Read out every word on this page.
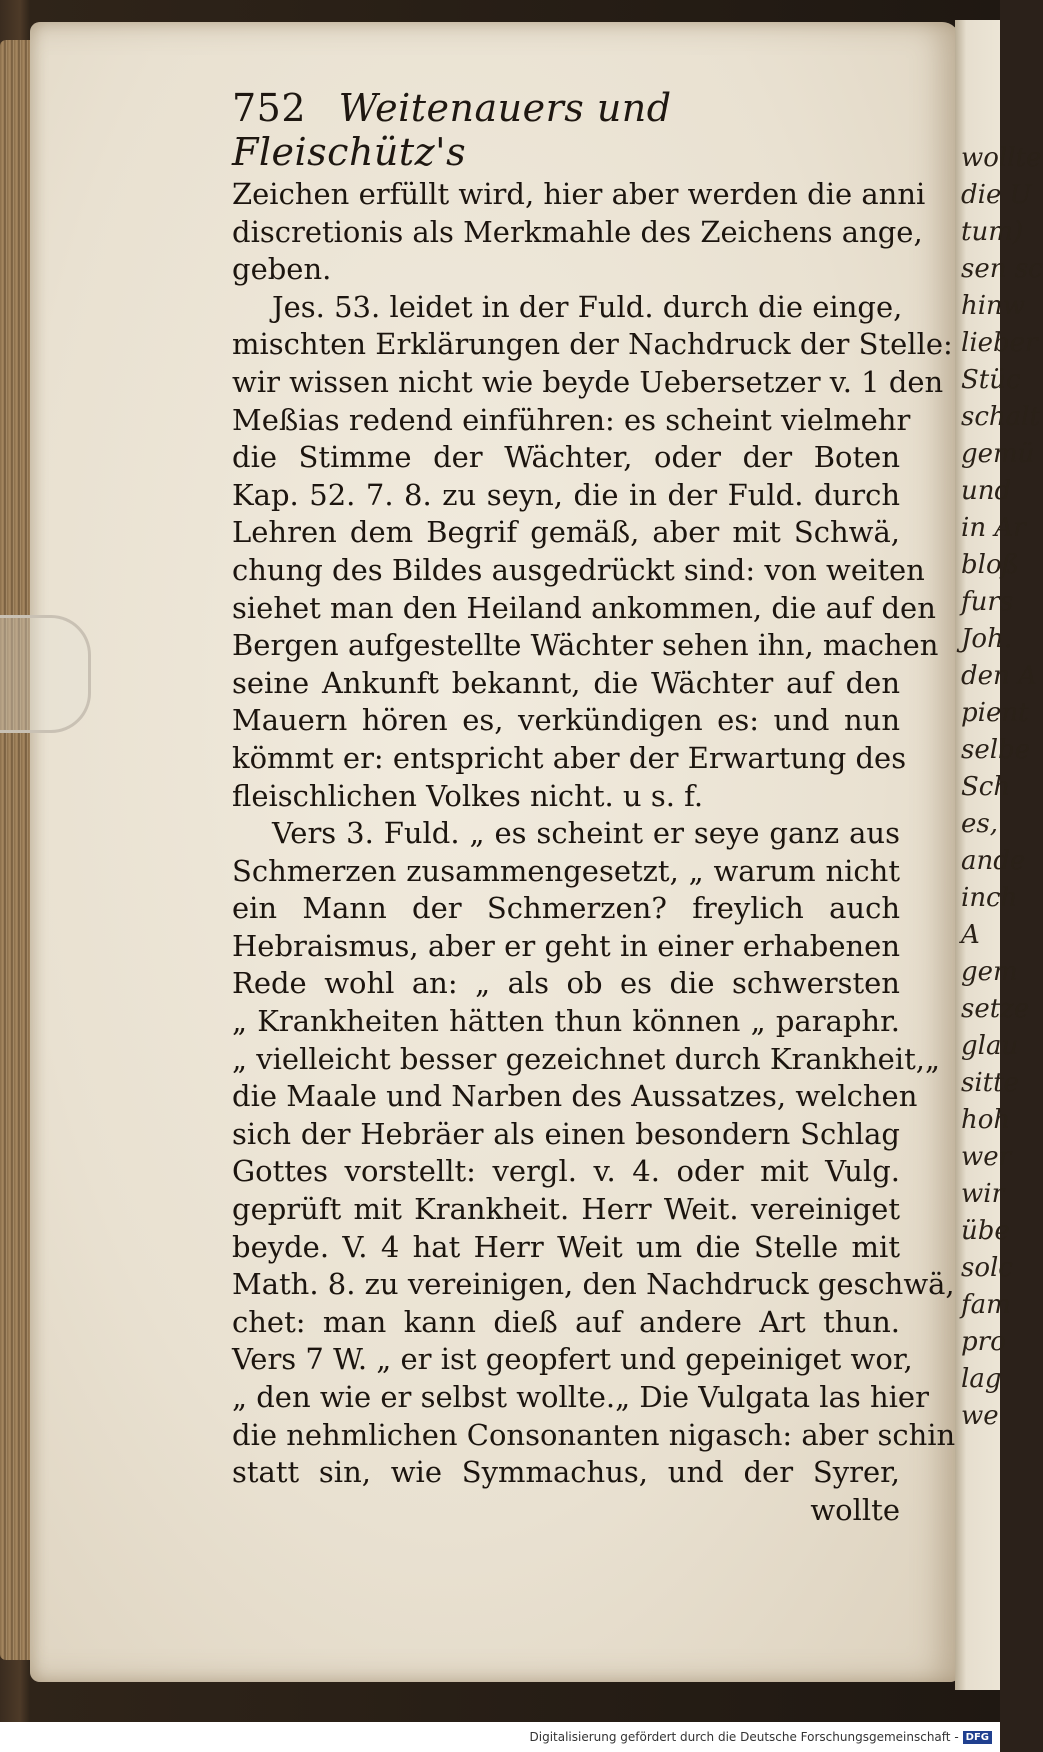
wollte
die U
tum)
sen sc
hinw
lieber
Stüc
schalt
gemü
und
in Ar
bloß
furs
Joh.
den A
pient
selbe
Sch
es,
ande
inch
A
gem
setze
glau
sitte
hoh
wer
wir
übe
solc
fam
pro
lag
we
752 Weitenauers und Fleischütz's
Zeichen erfüllt wird, hier aber werden die anni
discretionis als Merkmahle des Zeichens ange,
geben.
Jes. 53. leidet in der Fuld. durch die einge,
mischten Erklärungen der Nachdruck der Stelle:
wir wissen nicht wie beyde Uebersetzer v. 1 den
Meßias redend einführen: es scheint vielmehr
die Stimme der Wächter, oder der Boten
Kap. 52. 7. 8. zu seyn, die in der Fuld. durch
Lehren dem Begrif gemäß, aber mit Schwä,
chung des Bildes ausgedrückt sind: von weiten
siehet man den Heiland ankommen, die auf den
Bergen aufgestellte Wächter sehen ihn, machen
seine Ankunft bekannt, die Wächter auf den
Mauern hören es, verkündigen es: und nun
kömmt er: entspricht aber der Erwartung des
fleischlichen Volkes nicht. u s. f.
Vers 3. Fuld. „ es scheint er seye ganz aus
Schmerzen zusammengesetzt, „ warum nicht
ein Mann der Schmerzen? freylich auch
Hebraismus, aber er geht in einer erhabenen
Rede wohl an: „ als ob es die schwersten
„ Krankheiten hätten thun können „ paraphr.
„ vielleicht besser gezeichnet durch Krankheit,„
die Maale und Narben des Aussatzes, welchen
sich der Hebräer als einen besondern Schlag
Gottes vorstellt: vergl. v. 4. oder mit Vulg.
geprüft mit Krankheit. Herr Weit. vereiniget
beyde. V. 4 hat Herr Weit um die Stelle mit
Math. 8. zu vereinigen, den Nachdruck geschwä,
chet: man kann dieß auf andere Art thun.
Vers 7 W. „ er ist geopfert und gepeiniget wor,
„ den wie er selbst wollte.„ Die Vulgata las hier
die nehmlichen Consonanten nigasch: aber schin
statt sin, wie Symmachus, und der Syrer,
wollte
Digitalisierung gefördert durch die Deutsche Forschungsgemeinschaft - DFG
